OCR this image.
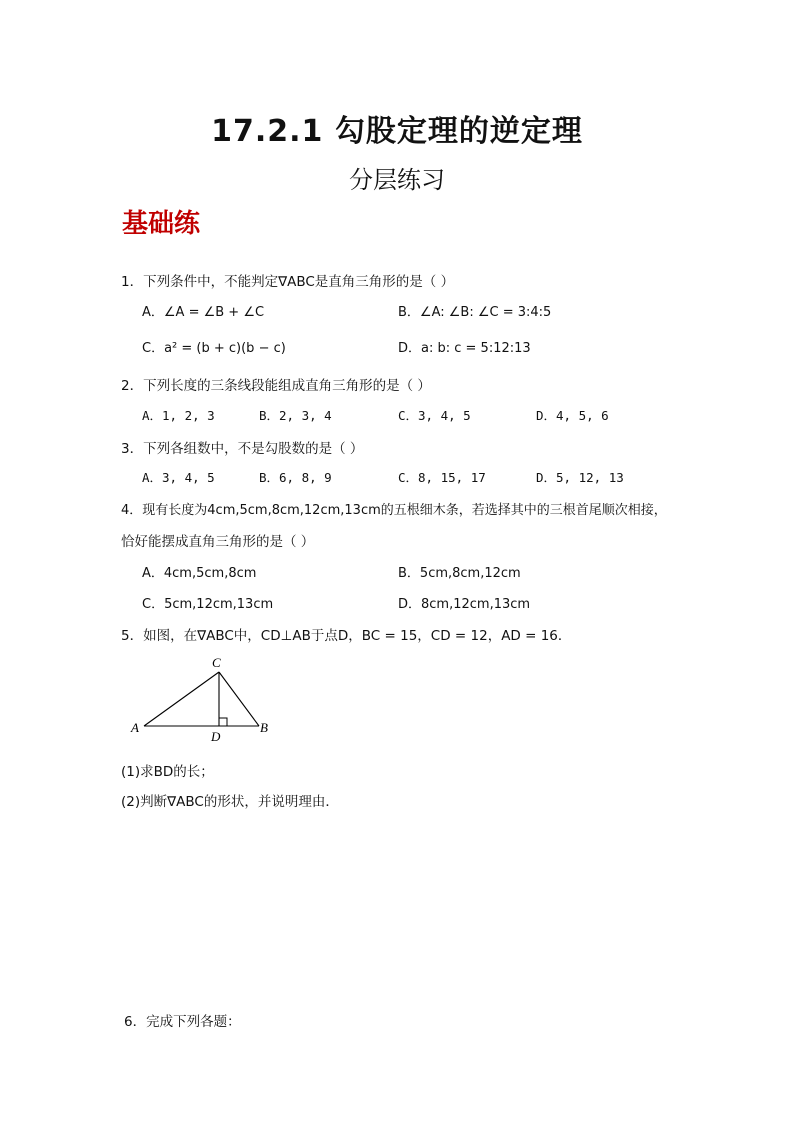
17.2.1 勾股定理的逆定理
分层练习
基础练
1．下列条件中，不能判定∇ABC是直角三角形的是（ ）
A．∠A = ∠B + ∠C	B．∠A: ∠B: ∠C = 3:4:5
C．a² = (b + c)(b − c)	D．a: b: c = 5:12:13
2．下列长度的三条线段能组成直角三角形的是（ ）
A．1, 2, 3	B．2, 3, 4	C．3, 4, 5	D．4, 5, 6
3．下列各组数中，不是勾股数的是（ ）
A．3, 4, 5	B．6, 8, 9	C．8, 15, 17	D．5, 12, 13
4．现有长度为4cm,5cm,8cm,12cm,13cm的五根细木条，若选择其中的三根首尾顺次相接，
恰好能摆成直角三角形的是（ ）
A．4cm,5cm,8cm	B．5cm,8cm,12cm
C．5cm,12cm,13cm	D．8cm,12cm,13cm
5．如图，在∇ABC中，CD⊥AB于点D，BC = 15，CD = 12，AD = 16．
C
A	B
D
(1)求BD的长；
(2)判断∇ABC的形状，并说明理由．
6．完成下列各题：
